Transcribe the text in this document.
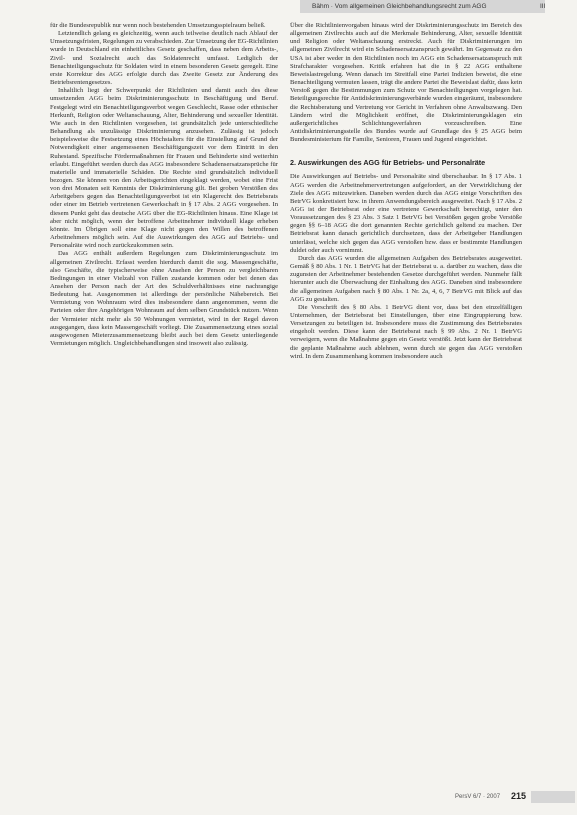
Bähm · Vom allgemeinen Gleichbehandlungsrecht zum AGG	III

für die Bundesrepublik nur wenn noch bestehenden Umsetzungsspielraum beließ.

Letztendlich gelang es gleichzeitig, wenn auch teilweise deutlich nach Ablauf der Umsetzungsfristen, Regelungen zu verabschieden. Zur Umsetzung der EG-Richtlinien wurde in Deutschland ein einheitliches Gesetz geschaffen, dass neben dem Arbeits-, Zivil- und Sozialrecht auch das Soldatenrecht umfasst. Lediglich der Benachteiligungsschutz für Soldaten wird in einem besonderen Gesetz geregelt. Eine erste Korrektur des AGG erfolgte durch das Zweite Gesetz zur Änderung des Betriebsrentengesetzes.

Inhaltlich liegt der Schwerpunkt der Richtlinien und damit auch des diese umsetzenden AGG beim Diskriminierungsschutz in Beschäftigung und Beruf. Festgelegt wird ein Benachteiligungsverbot wegen Geschlecht, Rasse oder ethnischer Herkunft, Religion oder Weltanschauung, Alter, Behinderung und sexueller Identität. Wie auch in den Richtlinien vorgesehen, ist grundsätzlich jede unterschiedliche Behandlung als unzulässige Diskriminierung anzusehen. Zulässig ist jedoch beispielsweise die Festsetzung eines Höchstalters für die Einstellung auf Grund der Notwendigkeit einer angemessenen Beschäftigungszeit vor dem Eintritt in den Ruhestand. Spezifische Fördermaßnahmen für Frauen und Behinderte sind weiterhin erlaubt. Eingeführt werden durch das AGG insbesondere Schadensersatzansprüche für materielle und immaterielle Schäden. Die Rechte sind grundsätzlich individuell bezogen. Sie können von den Arbeitsgerichten eingeklagt werden, wobei eine Frist von drei Monaten seit Kenntnis der Diskriminierung gilt. Bei groben Verstößen des Arbeitgebers gegen das Benachteiligungsverbot ist ein Klagerecht des Betriebsrats oder einer im Betrieb vertretenen Gewerkschaft in § 17 Abs. 2 AGG vorgesehen. In diesem Punkt geht das deutsche AGG über die EG-Richtlinien hinaus. Eine Klage ist aber nicht möglich, wenn der betroffene Arbeitnehmer individuell klage erheben könnte. Im Übrigen soll eine Klage nicht gegen den Willen des betroffenen Arbeitnehmers möglich sein. Auf die Auswirkungen des AGG auf Betriebs- und Personalräte wird noch zurückzukommen sein.

Das AGG enthält außerdem Regelungen zum Diskriminierungsschutz im allgemeinen Zivilrecht. Erfasst werden hierdurch damit die sog. Massengeschäfte, also Geschäfte, die typischerweise ohne Ansehen der Person zu vergleichbaren Bedingungen in einer Vielzahl von Fällen zustande kommen oder bei denen das Ansehen der Person nach der Art des Schuldverhältnisses eine nachrangige Bedeutung hat. Ausgenommen ist allerdings der persönliche Nähebereich. Bei Vermietung von Wohnraum wird dies insbesondere dann angenommen, wenn die Parteien oder ihre Angehörigen Wohnraum auf dem selben Grundstück nutzen. Wenn der Vermieter nicht mehr als 50 Wohnungen vermietet, wird in der Regel davon ausgegangen, dass kein Massengeschäft vorliegt. Die Zusammensetzung eines sozial ausgewogenen Mieterzusammensetzung bleibt auch bei dem Gesetz unterliegende Vermietungen möglich. Ungleichbehandlungen sind insoweit also zulässig.

Über die Richtlinienvorgaben hinaus wird der Diskriminierungsschutz im Bereich des allgemeinen Zivilrechts auch auf die Merkmale Behinderung, Alter, sexuelle Identität und Religion oder Weltanschauung erstreckt. Auch für Diskriminierungen im allgemeinen Zivilrecht wird ein Schadensersatzanspruch gewährt. Im Gegensatz zu den USA ist aber weder in den Richtlinien noch im AGG ein Schadensersatzanspruch mit Strafcharakter vorgesehen. Kritik erfahren hat die in § 22 AGG enthaltene Beweislastregelung. Wenn danach im Streitfall eine Partei Indizien beweist, die eine Benachteiligung vermuten lassen, trägt die andere Partei die Beweislast dafür, dass kein Verstoß gegen die Bestimmungen zum Schutz vor Benachteiligungen vorgelegen hat. Beteiligungsrechte für Antidiskriminierungsverbände wurden eingeräumt, insbesondere die Rechtsberatung und Vertretung vor Gericht in Verfahren ohne Anwaltszwang. Den Ländern wird die Möglichkeit eröffnet, die Diskriminierungsklagen ein außergerichtliches Schlichtungsverfahren vorzuschreiben. Eine Antidiskriminierungsstelle des Bundes wurde auf Grundlage des § 25 AGG beim Bundesministerium für Familie, Senioren, Frauen und Jugend eingerichtet.

2. Auswirkungen des AGG für Betriebs- und Personalräte

Die Auswirkungen auf Betriebs- und Personalräte sind überschaubar. In § 17 Abs. 1 AGG werden die Arbeitnehmervertretungen aufgefordert, an der Verwirklichung der Ziele des AGG mitzuwirken. Daneben werden durch das AGG einige Vorschriften des BetrVG konkretisiert bzw. in ihrem Anwendungsbereich ausgeweitet. Nach § 17 Abs. 2 AGG ist der Betriebsrat oder eine vertretene Gewerkschaft berechtigt, unter den Voraussetzungen des § 23 Abs. 3 Satz 1 BetrVG bei Verstößen gegen grobe Verstöße gegen §§ 6–18 AGG die dort genannten Rechte gerichtlich geltend zu machen. Der Betriebsrat kann danach gerichtlich durchsetzen, dass der Arbeitgeber Handlungen unterlässt, welche sich gegen das AGG verstoßen bzw. dass er bestimmte Handlungen duldet oder auch vornimmt.

Durch das AGG wurden die allgemeinen Aufgaben des Betriebsrates ausgeweitet. Gemäß § 80 Abs. 1 Nr. 1 BetrVG hat der Betriebsrat u. a. darüber zu wachen, dass die zugunsten der Arbeitnehmer bestehenden Gesetze durchgeführt werden. Nunmehr fällt hierunter auch die Überwachung der Einhaltung des AGG. Daneben sind insbesondere die allgemeinen Aufgaben nach § 80 Abs. 1 Nr. 2a, 4, 6, 7 BetrVG mit Blick auf das AGG zu gestalten.

Die Vorschrift des § 80 Abs. 1 BetrVG dient vor, dass bei den einzelfälligen Unternehmen, der Betriebsrat bei Einstellungen, über eine Eingruppierung bzw. Versetzungen zu beteiligen ist. Insbesondere muss die Zustimmung des Betriebsrates eingeholt werden. Diese kann der Betriebsrat nach § 99 Abs. 2 Nr. 1 BetrVG verweigern, wenn die Maßnahme gegen ein Gesetz verstößt. Jetzt kann der Betriebsrat die geplante Maßnahme auch ablehnen, wenn durch sie gegen das AGG verstoßen wird. In dem Zusammenhang kommen insbesondere auch

PersV 6/7 · 2007 215
